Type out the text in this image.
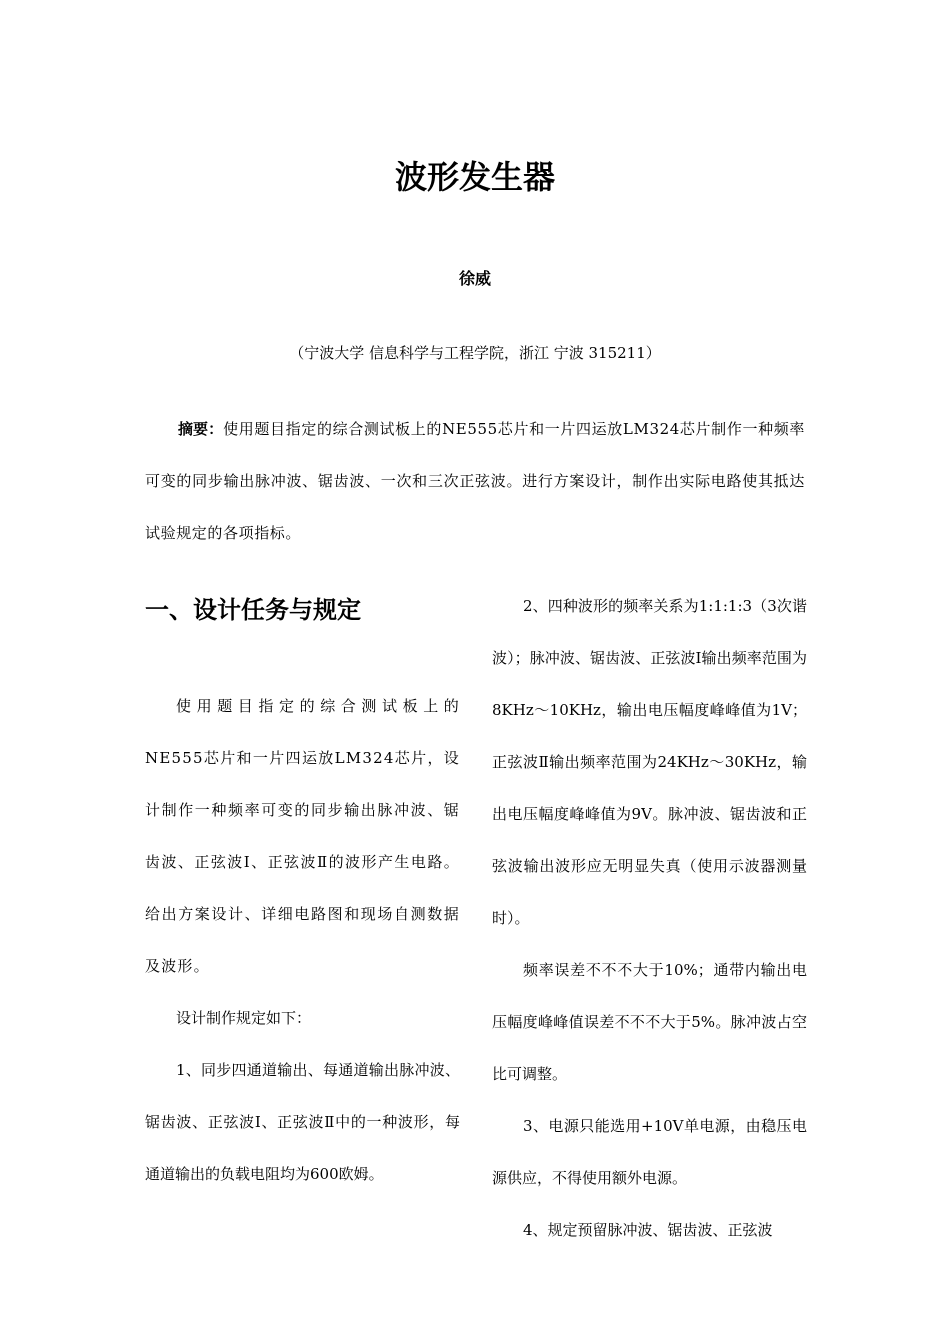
波形发生器
徐威
（宁波大学 信息科学与工程学院，浙江 宁波 315211）

摘要：使用题目指定的综合测试板上的NE555芯片和一片四运放LM324芯片制作一种频率可变的同步输出脉冲波、锯齿波、一次和三次正弦波。进行方案设计，制作出实际电路使其抵达试验规定的各项指标。

一、设计任务与规定

使用题目指定的综合测试板上的NE555芯片和一片四运放LM324芯片，设计制作一种频率可变的同步输出脉冲波、锯齿波、正弦波Ⅰ、正弦波Ⅱ的波形产生电路。给出方案设计、详细电路图和现场自测数据及波形。

设计制作规定如下：

1、同步四通道输出、每通道输出脉冲波、锯齿波、正弦波Ⅰ、正弦波Ⅱ中的一种波形，每通道输出的负载电阻均为600欧姆。

2、四种波形的频率关系为1:1:1:3（3次谐波）；脉冲波、锯齿波、正弦波Ⅰ输出频率范围为8KHz～10KHz，输出电压幅度峰峰值为1V；正弦波Ⅱ输出频率范围为24KHz～30KHz，输出电压幅度峰峰值为9V。脉冲波、锯齿波和正弦波输出波形应无明显失真（使用示波器测量时）。

频率误差不不不大于10%；通带内输出电压幅度峰峰值误差不不不大于5%。脉冲波占空比可调整。

3、电源只能选用+10V单电源，由稳压电源供应，不得使用额外电源。

4、规定预留脉冲波、锯齿波、正弦波
